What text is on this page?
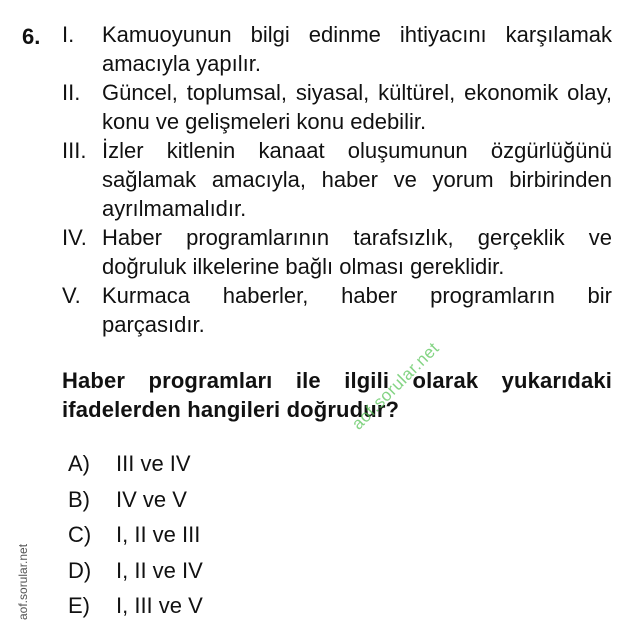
6. I.	Kamuoyunun bilgi edinme ihtiyacını karşılamak amacıyla yapılır.
II. Güncel, toplumsal, siyasal, kültürel, ekonomik olay, konu ve gelişmeleri konu edebilir.
III. İzler kitlenin kanaat oluşumunun özgürlüğünü sağlamak amacıyla, haber ve yorum birbirinden ayrılmamalıdır.
IV. Haber programlarının tarafsızlık, gerçeklik ve doğruluk ilkelerine bağlı olması gereklidir.
V. Kurmaca haberler, haber programların bir parçasıdır.
Haber programları ile ilgili olarak yukarıdaki ifadelerden hangileri doğrudur?
A)	III ve IV
B)	IV ve V
C)	I, II ve III
D)	I, II ve IV
E)	I, III ve V
aof.sorular.net
aof.sorular.net
